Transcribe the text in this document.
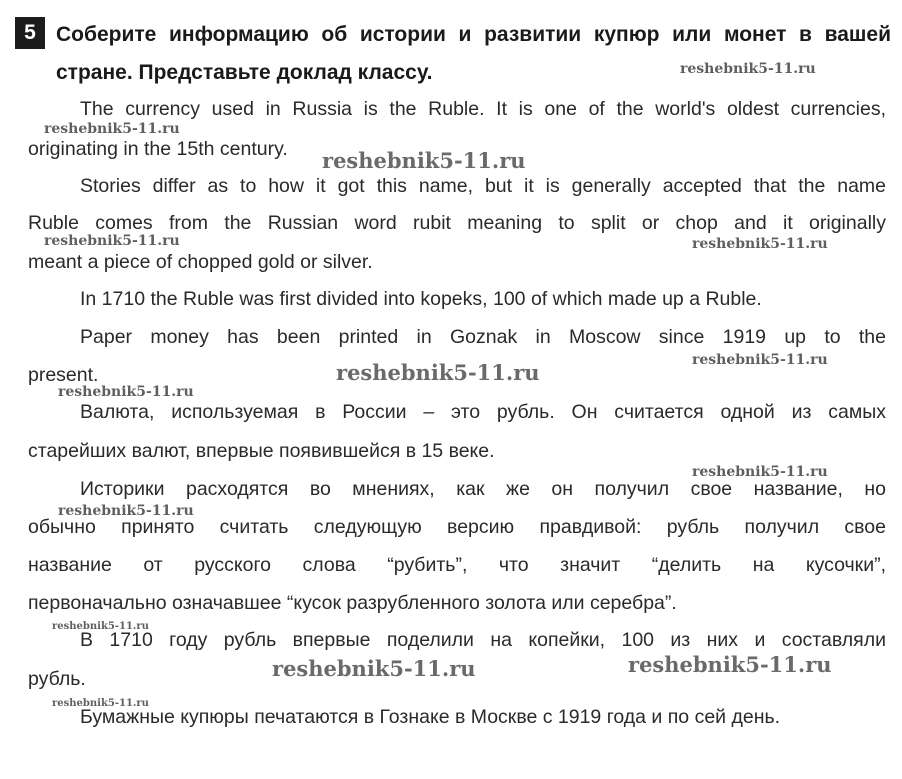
5 Соберите информацию об истории и развитии купюр или монет в вашей стране. Представьте доклад классу.
The currency used in Russia is the Ruble. It is one of the world's oldest currencies,
originating in the 15th century.
Stories differ as to how it got this name, but it is generally accepted that the name
Ruble comes from the Russian word rubit meaning to split or chop and it originally
meant a piece of chopped gold or silver.
In 1710 the Ruble was first divided into kopeks, 100 of which made up a Ruble.
Paper money has been printed in Goznak in Moscow since 1919 up to the
present.
Валюта, используемая в России – это рубль. Он считается одной из самых
старейших валют, впервые появившейся в 15 веке.
Историки расходятся во мнениях, как же он получил свое название, но
обычно принято считать следующую версию правдивой: рубль получил свое
название от русского слова “рубить”, что значит “делить на кусочки”,
первоначально означавшее “кусок разрубленного золота или серебра”.
В 1710 году рубль впервые поделили на копейки, 100 из них и составляли
рубль.
Бумажные купюры печатаются в Гознаке в Москве с 1919 года и по сей день.
reshebnik5-11.ru
reshebnik5-11.ru
reshebnik5-11.ru
reshebnik5-11.ru	reshebnik5-11.ru
reshebnik5-11.ru
reshebnik5-11.ru
reshebnik5-11.ru
reshebnik5-11.ru
reshebnik5-11.ru
reshebnik5-11.ru
reshebnik5-11.ru	reshebnik5-11.ru
reshebnik5-11.ru
